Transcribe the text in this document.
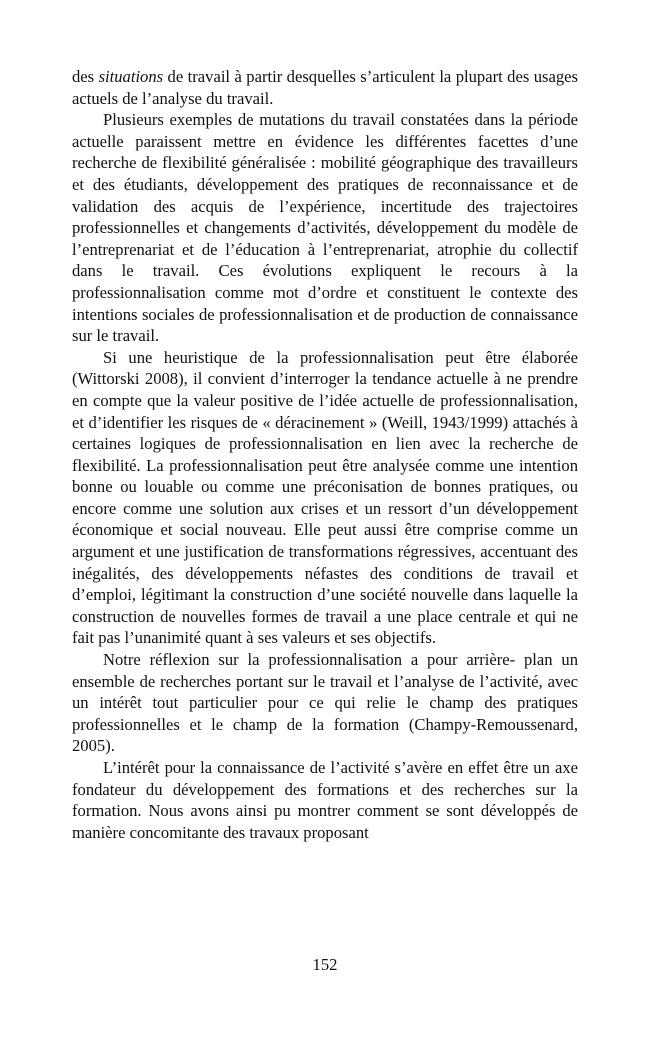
des situations de travail à partir desquelles s’articulent la plupart des usages actuels de l’analyse du travail.

Plusieurs exemples de mutations du travail constatées dans la période actuelle paraissent mettre en évidence les différentes facettes d’une recherche de flexibilité généralisée : mobilité géographique des travailleurs et des étudiants, développement des pratiques de reconnaissance et de validation des acquis de l’expérience, incertitude des trajectoires professionnelles et changements d’activités, développement du modèle de l’entreprenariat et de l’éducation à l’entreprenariat, atrophie du collectif dans le travail. Ces évolutions expliquent le recours à la professionnalisation comme mot d’ordre et constituent le contexte des intentions sociales de professionnalisation et de production de connaissance sur le travail.

Si une heuristique de la professionnalisation peut être élaborée (Wittorski 2008), il convient d’interroger la tendance actuelle à ne prendre en compte que la valeur positive de l’idée actuelle de professionnalisation, et d’identifier les risques de « déracinement » (Weill, 1943/1999) attachés à certaines logiques de professionnalisation en lien avec la recherche de flexibilité. La professionnalisation peut être analysée comme une intention bonne ou louable ou comme une préconisation de bonnes pratiques, ou encore comme une solution aux crises et un ressort d’un développement économique et social nouveau. Elle peut aussi être comprise comme un argument et une justification de transformations régressives, accentuant des inégalités, des développements néfastes des conditions de travail et d’emploi, légitimant la construction d’une société nouvelle dans laquelle la construction de nouvelles formes de travail a une place centrale et qui ne fait pas l’unanimité quant à ses valeurs et ses objectifs.

Notre réflexion sur la professionnalisation a pour arrière- plan un ensemble de recherches portant sur le travail et l’analyse de l’activité, avec un intérêt tout particulier pour ce qui relie le champ des pratiques professionnelles et le champ de la formation (Champy-Remoussenard, 2005).

L’intérêt pour la connaissance de l’activité s’avère en effet être un axe fondateur du développement des formations et des recherches sur la formation. Nous avons ainsi pu montrer comment se sont développés de manière concomitante des travaux proposant

152
